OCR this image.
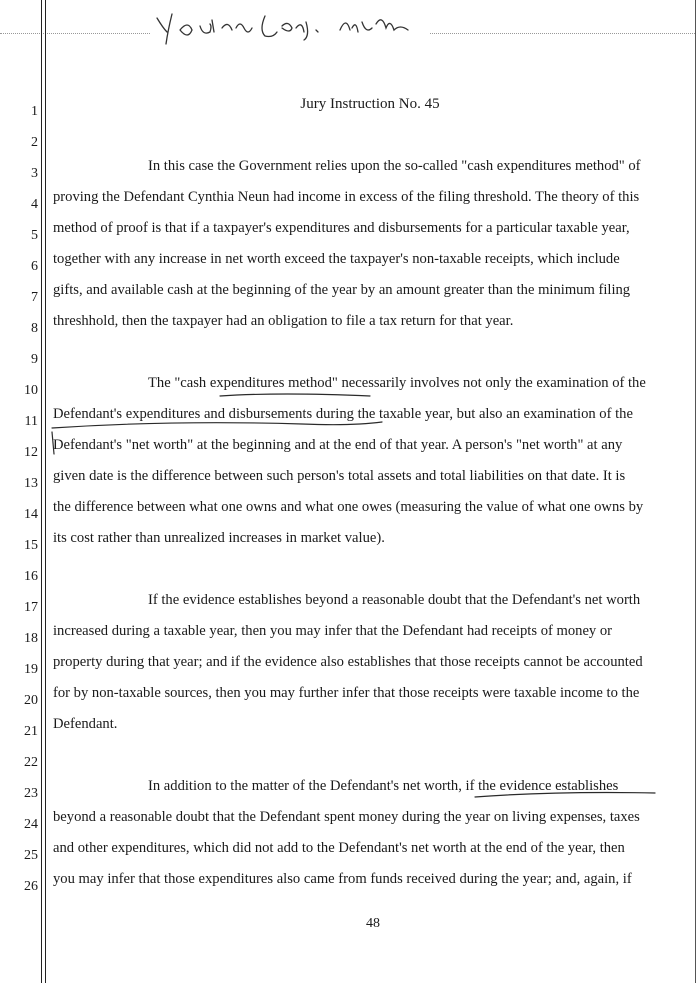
1
2
3
4
5
6
7
8
9
10
11
12
13
14
15
16
17
18
19
20
21
22
23
24
25
26
Jury Instruction No. 45
In this case the Government relies upon the so-called "cash expenditures method" of
proving the Defendant Cynthia Neun had income in excess of the filing threshold. The theory of this
method of proof is that if a taxpayer's expenditures and disbursements for a particular taxable year,
together with any increase in net worth exceed the taxpayer's non-taxable receipts, which include
gifts, and available cash at the beginning of the year by an amount greater than the minimum filing
threshhold, then the taxpayer had an obligation to file a tax return for that year.
The "cash expenditures method" necessarily involves not only the examination of the
Defendant's expenditures and disbursements during the taxable year, but also an examination of the
Defendant's "net worth" at the beginning and at the end of that year. A person's "net worth" at any
given date is the difference between such person's total assets and total liabilities on that date. It is
the difference between what one owns and what one owes (measuring the value of what one owns by
its cost rather than unrealized increases in market value).
If the evidence establishes beyond a reasonable doubt that the Defendant's net worth
increased during a taxable year, then you may infer that the Defendant had receipts of money or
property during that year; and if the evidence also establishes that those receipts cannot be accounted
for by non-taxable sources, then you may further infer that those receipts were taxable income to the
Defendant.
In addition to the matter of the Defendant's net worth, if the evidence establishes
beyond a reasonable doubt that the Defendant spent money during the year on living expenses, taxes
and other expenditures, which did not add to the Defendant's net worth at the end of the year, then
you may infer that those expenditures also came from funds received during the year; and, again, if
48
